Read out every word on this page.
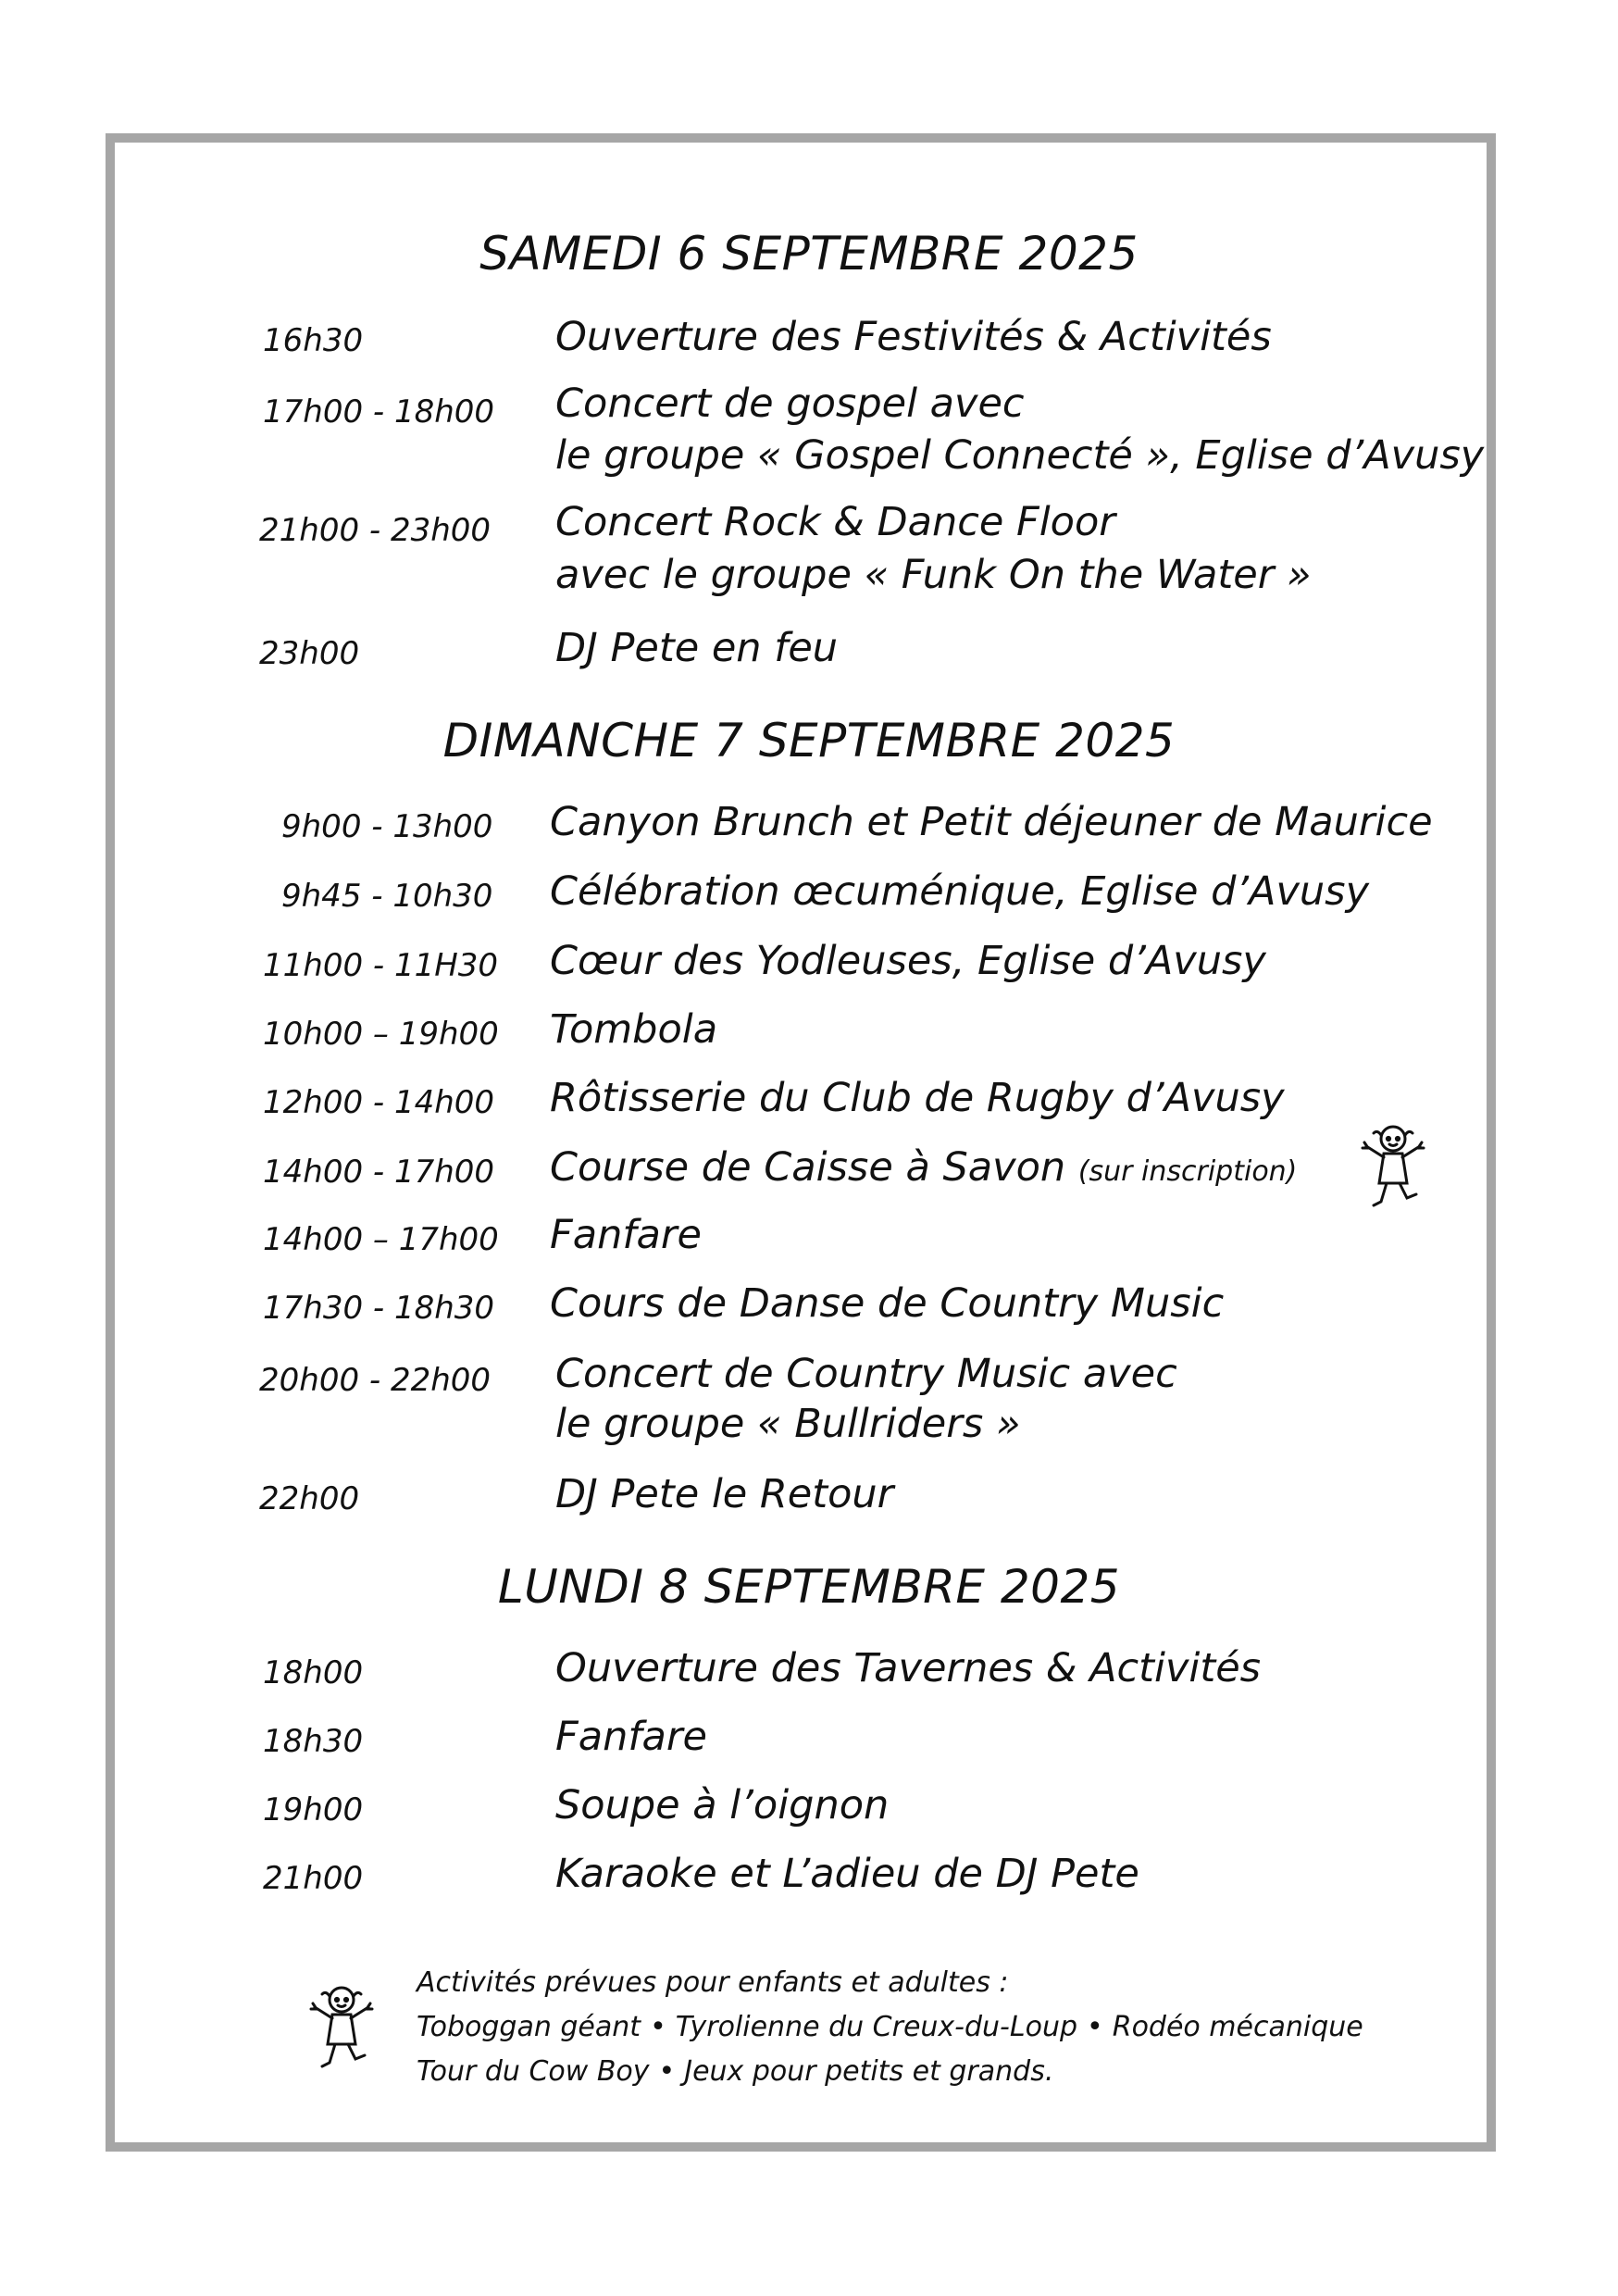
SAMEDI 6 SEPTEMBRE 2025
16h30	Ouverture des Festivités & Activités
17h00 - 18h00 Concert de gospel avec
le groupe « Gospel Connecté », Eglise d’Avusy
21h00 - 23h00 Concert Rock & Dance Floor
avec le groupe « Funk On the Water »
23h00	DJ Pete en feu
DIMANCHE 7 SEPTEMBRE 2025
9h00 - 13h00 Canyon Brunch et Petit déjeuner de Maurice
9h45 - 10h30 Célébration œcuménique, Eglise d’Avusy
11h00 - 11H30 Cœur des Yodleuses, Eglise d’Avusy
10h00 – 19h00 Tombola
12h00 - 14h00 Rôtisserie du Club de Rugby d’Avusy
14h00 - 17h00 Course de Caisse à Savon (sur inscription)
14h00 – 17h00 Fanfare
17h30 - 18h30 Cours de Danse de Country Music
20h00 - 22h00 Concert de Country Music avec
le groupe « Bullriders »
22h00	DJ Pete le Retour
LUNDI 8 SEPTEMBRE 2025
18h00	Ouverture des Tavernes & Activités
18h30	Fanfare
19h00	Soupe à l’oignon
21h00	Karaoke et L’adieu de DJ Pete
Activités prévues pour enfants et adultes :
Toboggan géant • Tyrolienne du Creux-du-Loup • Rodéo mécanique
Tour du Cow Boy • Jeux pour petits et grands.
